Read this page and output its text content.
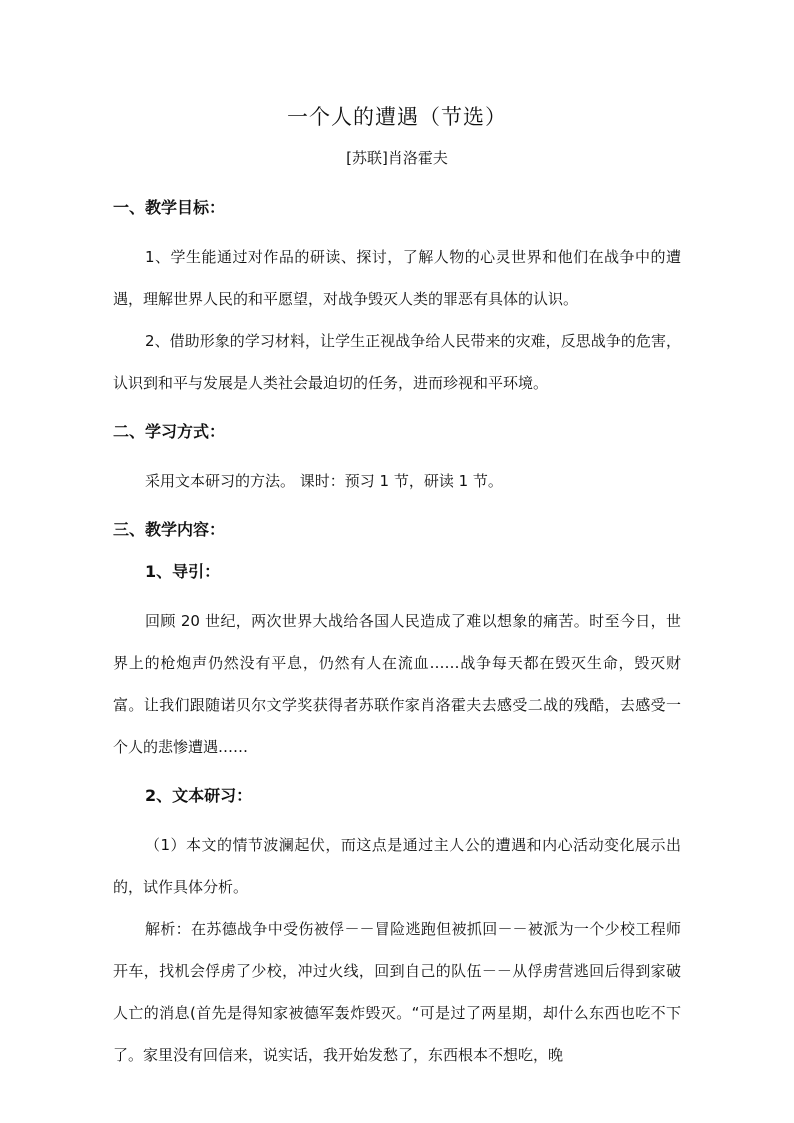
一个人的遭遇（节选）
[苏联]肖洛霍夫
一、教学目标：

1、学生能通过对作品的研读、探讨，了解人物的心灵世界和他们在战争中的遭遇，理解世界人民的和平愿望，对战争毁灭人类的罪恶有具体的认识。

2、借助形象的学习材料，让学生正视战争给人民带来的灾难，反思战争的危害，认识到和平与发展是人类社会最迫切的任务，进而珍视和平环境。

二、学习方式：

采用文本研习的方法。 课时：预习 1 节，研读 1 节。

三、教学内容：
1、导引：

回顾 20 世纪，两次世界大战给各国人民造成了难以想象的痛苦。时至今日，世界上的枪炮声仍然没有平息，仍然有人在流血……战争每天都在毁灭生命，毁灭财富。让我们跟随诺贝尔文学奖获得者苏联作家肖洛霍夫去感受二战的残酷，去感受一个人的悲惨遭遇……

2、文本研习：

（1）本文的情节波澜起伏，而这点是通过主人公的遭遇和内心活动变化展示出的，试作具体分析。

解析：在苏德战争中受伤被俘－－冒险逃跑但被抓回－－被派为一个少校工程师开车，找机会俘虏了少校，冲过火线，回到自己的队伍－－从俘虏营逃回后得到家破人亡的消息(首先是得知家被德军轰炸毁灭。“可是过了两星期，却什么东西也吃不下了。家里没有回信来，说实话，我开始发愁了，东西根本不想吃，晚
